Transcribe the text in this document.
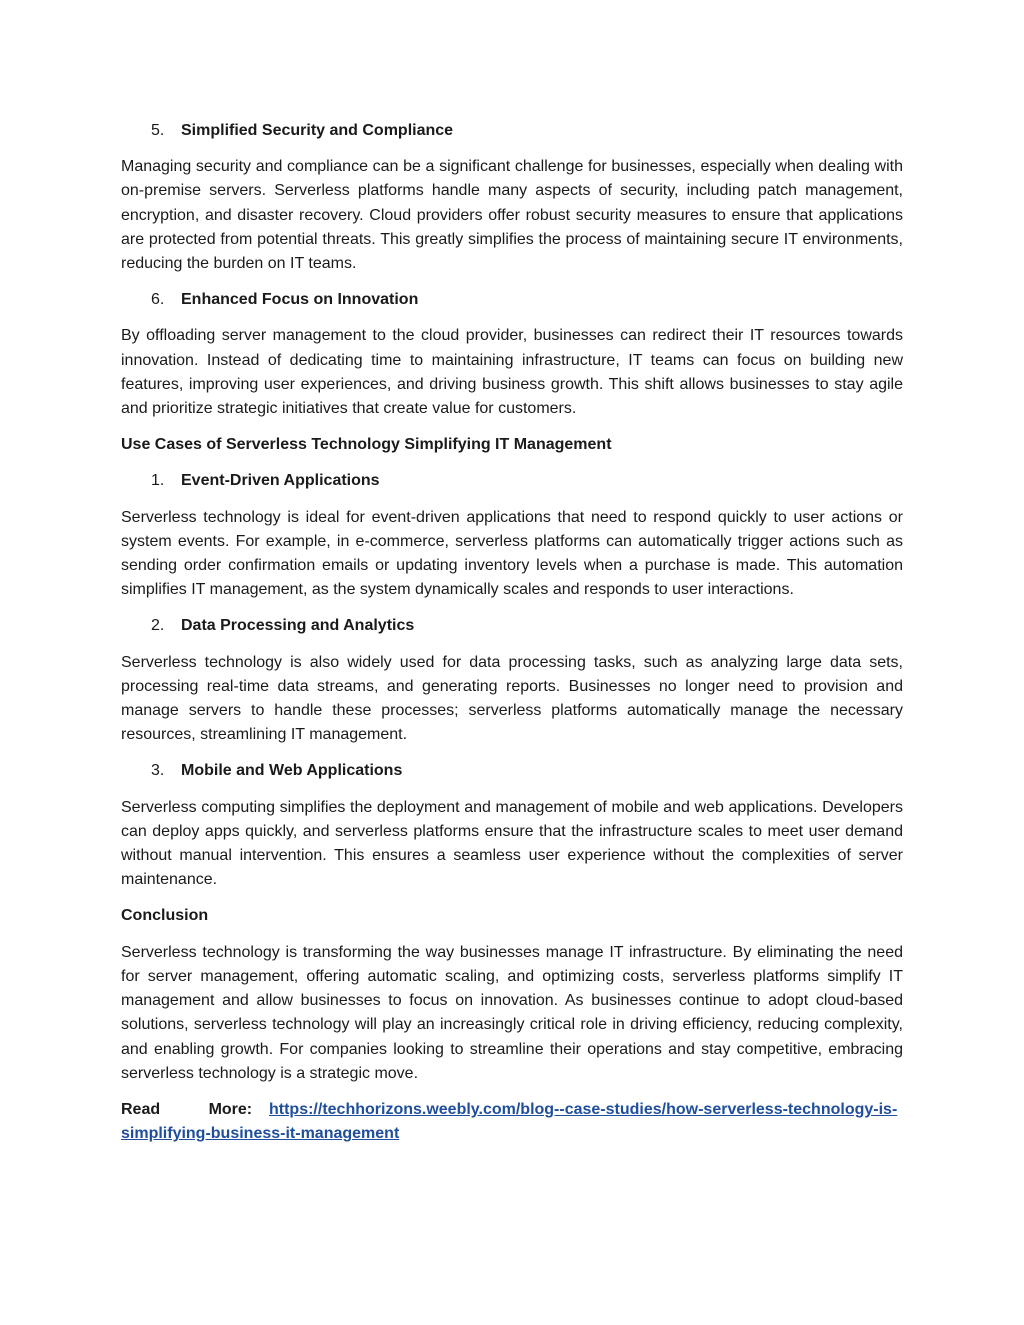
5.	Simplified Security and Compliance

Managing security and compliance can be a significant challenge for businesses, especially when dealing with on-premise servers. Serverless platforms handle many aspects of security, including patch management, encryption, and disaster recovery. Cloud providers offer robust security measures to ensure that applications are protected from potential threats. This greatly simplifies the process of maintaining secure IT environments, reducing the burden on IT teams.

6.	Enhanced Focus on Innovation

By offloading server management to the cloud provider, businesses can redirect their IT resources towards innovation. Instead of dedicating time to maintaining infrastructure, IT teams can focus on building new features, improving user experiences, and driving business growth. This shift allows businesses to stay agile and prioritize strategic initiatives that create value for customers.

Use Cases of Serverless Technology Simplifying IT Management
1.	Event-Driven Applications

Serverless technology is ideal for event-driven applications that need to respond quickly to user actions or system events. For example, in e-commerce, serverless platforms can automatically trigger actions such as sending order confirmation emails or updating inventory levels when a purchase is made. This automation simplifies IT management, as the system dynamically scales and responds to user interactions.

2.	Data Processing and Analytics

Serverless technology is also widely used for data processing tasks, such as analyzing large data sets, processing real-time data streams, and generating reports. Businesses no longer need to provision and manage servers to handle these processes; serverless platforms automatically manage the necessary resources, streamlining IT management.

3.	Mobile and Web Applications

Serverless computing simplifies the deployment and management of mobile and web applications. Developers can deploy apps quickly, and serverless platforms ensure that the infrastructure scales to meet user demand without manual intervention. This ensures a seamless user experience without the complexities of server maintenance.

Conclusion

Serverless technology is transforming the way businesses manage IT infrastructure. By eliminating the need for server management, offering automatic scaling, and optimizing costs, serverless platforms simplify IT management and allow businesses to focus on innovation. As businesses continue to adopt cloud-based solutions, serverless technology will play an increasingly critical role in driving efficiency, reducing complexity, and enabling growth. For companies looking to streamline their operations and stay competitive, embracing serverless technology is a strategic move.

Read More: https://techhorizons.weebly.com/blog--case-studies/how-serverless-technology-is-simplifying-business-it-management
